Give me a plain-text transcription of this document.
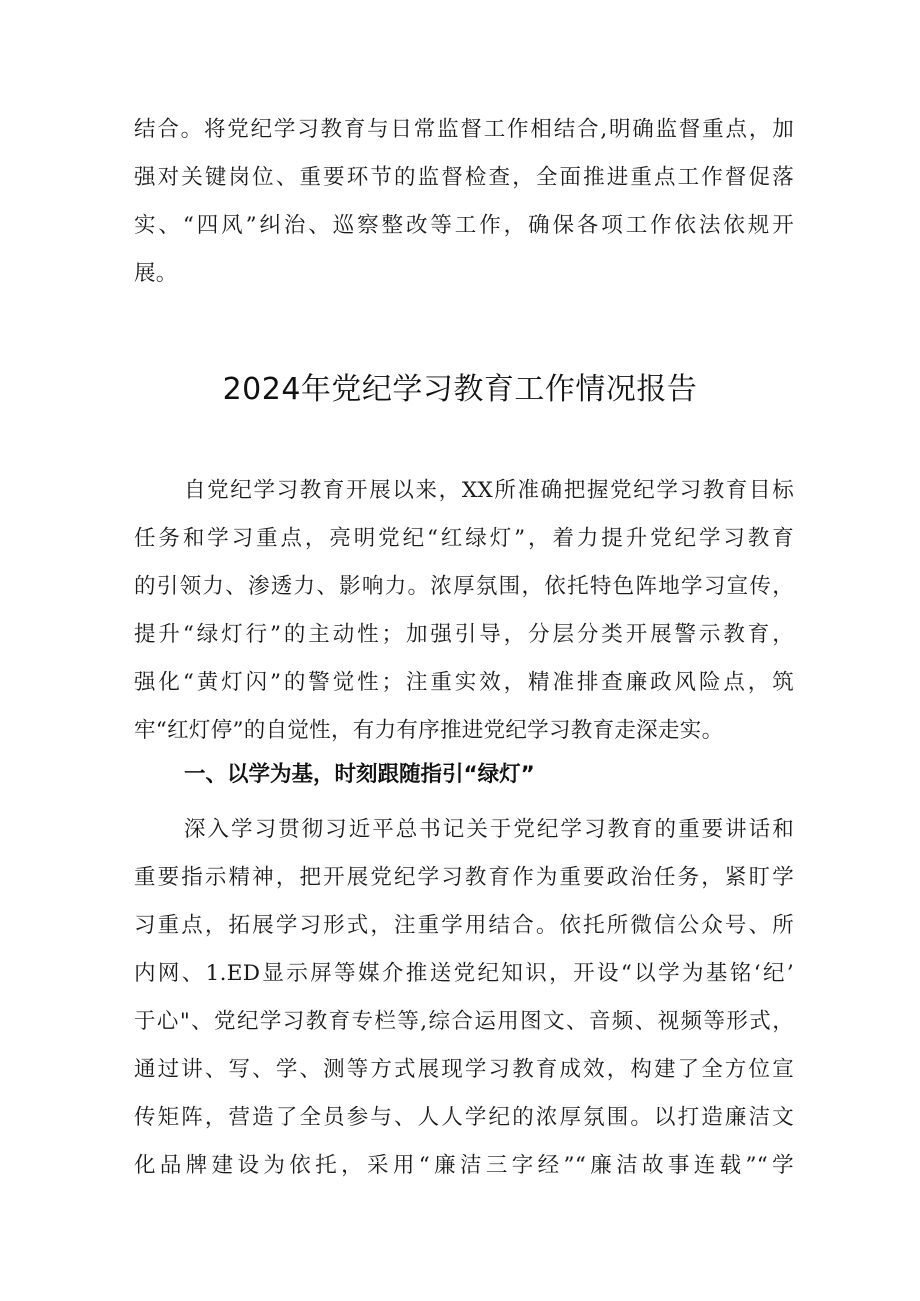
结合。将党纪学习教育与日常监督工作相结合,明确监督重点，加
强对关键岗位、重要环节的监督检查，全面推进重点工作督促落
实、“四风”纠治、巡察整改等工作，确保各项工作依法依规开
展。
2024年党纪学习教育工作情况报告
自党纪学习教育开展以来，XX所准确把握党纪学习教育目标
任务和学习重点，亮明党纪“红绿灯”，着力提升党纪学习教育
的引领力、渗透力、影响力。浓厚氛围，依托特色阵地学习宣传，
提升“绿灯行”的主动性；加强引导，分层分类开展警示教育，
强化“黄灯闪”的警觉性；注重实效，精准排查廉政风险点，筑
牢“红灯停”的自觉性，有力有序推进党纪学习教育走深走实。
一、以学为基，时刻跟随指引“绿灯”
深入学习贯彻习近平总书记关于党纪学习教育的重要讲话和
重要指示精神，把开展党纪学习教育作为重要政治任务，紧盯学
习重点，拓展学习形式，注重学用结合。依托所微信公众号、所
内网、1.ED显示屏等媒介推送党纪知识，开设“以学为基铭‘纪’
于心"、党纪学习教育专栏等,综合运用图文、音频、视频等形式，
通过讲、写、学、测等方式展现学习教育成效，构建了全方位宣
传矩阵，营造了全员参与、人人学纪的浓厚氛围。以打造廉洁文
化品牌建设为依托，采用“廉洁三字经”“廉洁故事连载”“学
